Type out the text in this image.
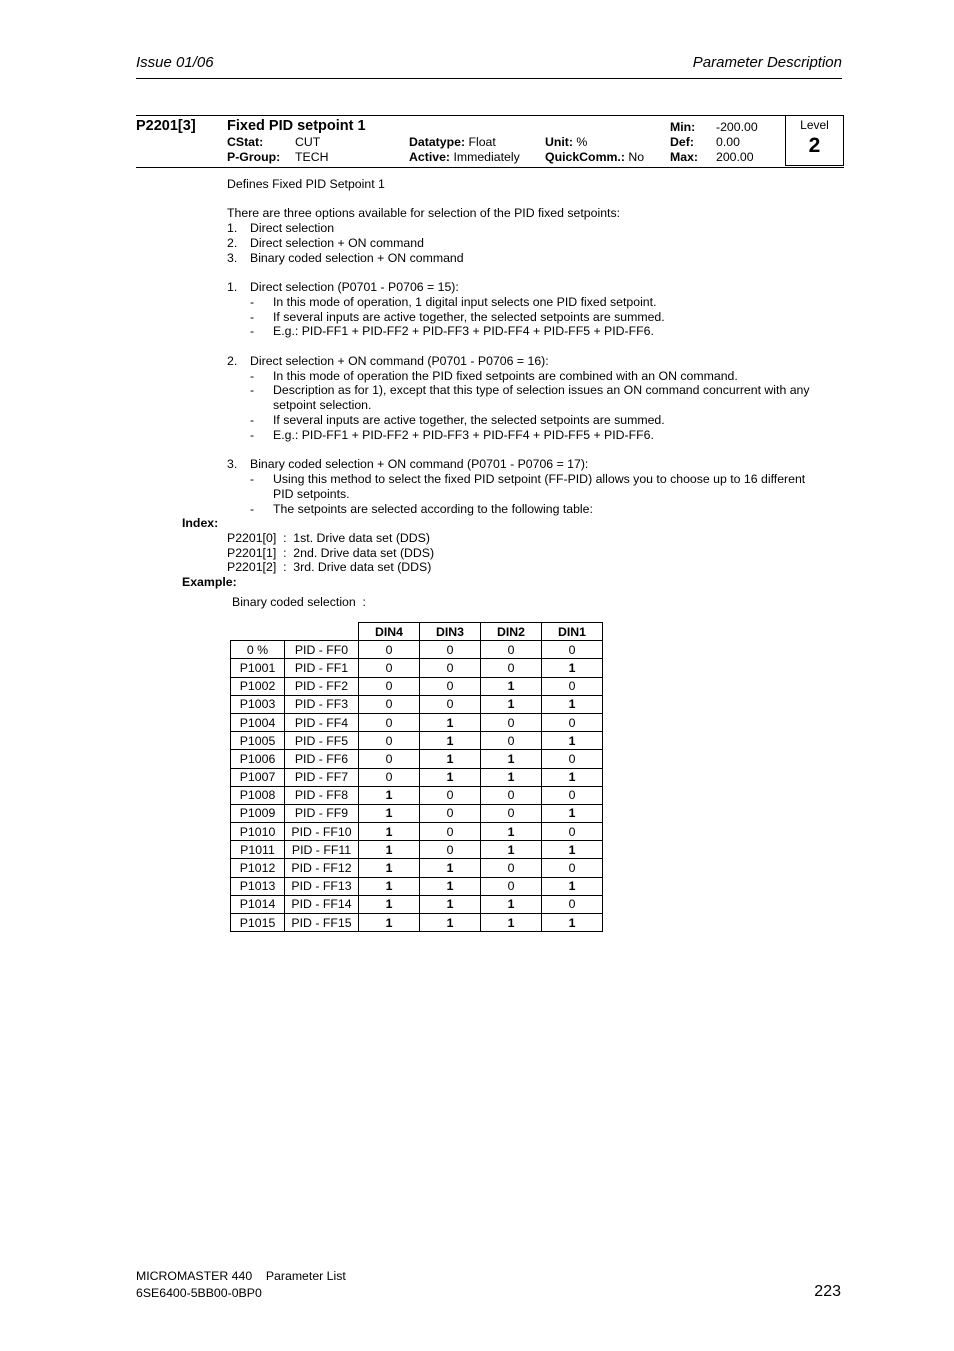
Issue 01/06	Parameter Description
P2201[3] Fixed PID setpoint 1
CStat:	CUT
P-Group: TECH
Datatype: Float
Active: Immediately
Unit: %
QuickComm.: No
Min: -200.00
Def: 0.00
Max: 200.00
Level
2
Defines Fixed PID Setpoint 1
There are three options available for selection of the PID fixed setpoints:
1. Direct selection
2. Direct selection + ON command
3. Binary coded selection + ON command
1. Direct selection (P0701 - P0706 = 15):
- In this mode of operation, 1 digital input selects one PID fixed setpoint.
- If several inputs are active together, the selected setpoints are summed.
- E.g.: PID-FF1 + PID-FF2 + PID-FF3 + PID-FF4 + PID-FF5 + PID-FF6.
2. Direct selection + ON command (P0701 - P0706 = 16):
- In this mode of operation the PID fixed setpoints are combined with an ON command.
- Description as for 1), except that this type of selection issues an ON command concurrent with any
setpoint selection.
- If several inputs are active together, the selected setpoints are summed.
- E.g.: PID-FF1 + PID-FF2 + PID-FF3 + PID-FF4 + PID-FF5 + PID-FF6.
3. Binary coded selection + ON command (P0701 - P0706 = 17):
- Using this method to select the fixed PID setpoint (FF-PID) allows you to choose up to 16 different
PID setpoints.
- The setpoints are selected according to the following table:
Index:
P2201[0]  :  1st. Drive data set (DDS)
P2201[1]  :  2nd. Drive data set (DDS)
P2201[2]  :  3rd. Drive data set (DDS)
Example:
Binary coded selection  :
		DIN4	DIN3	DIN2	DIN1
0 %	PID - FF0	0	0	0	0
P1001	PID - FF1	0	0	0	1
P1002	PID - FF2	0	0	1	0
P1003	PID - FF3	0	0	1	1
P1004	PID - FF4	0	1	0	0
P1005	PID - FF5	0	1	0	1
P1006	PID - FF6	0	1	1	0
P1007	PID - FF7	0	1	1	1
P1008	PID - FF8	1	0	0	0
P1009	PID - FF9	1	0	0	1
P1010	PID - FF10	1	0	1	0
P1011	PID - FF11	1	0	1	1
P1012	PID - FF12	1	1	0	0
P1013	PID - FF13	1	1	0	1
P1014	PID - FF14	1	1	1	0
P1015	PID - FF15	1	1	1	1
MICROMASTER 440 Parameter List
6SE6400-5BB00-0BP0	223
